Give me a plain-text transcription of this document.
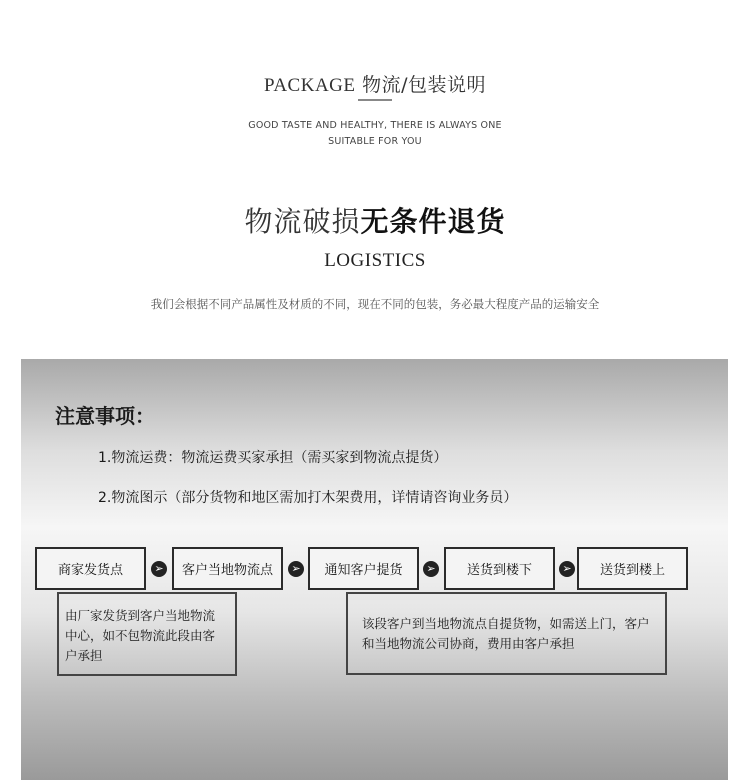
PACKAGE 物流/包装说明
GOOD TASTE AND HEALTHY, THERE IS ALWAYS ONE
SUITABLE FOR YOU
物流破损无条件退货
LOGISTICS
我们会根据不同产品属性及材质的不同，现在不同的包装，务必最大程度产品的运输安全
注意事项：
1.物流运费：物流运费买家承担（需买家到物流点提货）
2.物流图示（部分货物和地区需加打木架费用，详情请咨询业务员）
商家发货点	➢	客户当地物流点	➢	通知客户提货	➢	送货到楼下	➢	送货到楼上
由厂家发货到客户当地物流中心，如不包物流此段由客户承担
该段客户到当地物流点自提货物，如需送上门，客户和当地物流公司协商，费用由客户承担
